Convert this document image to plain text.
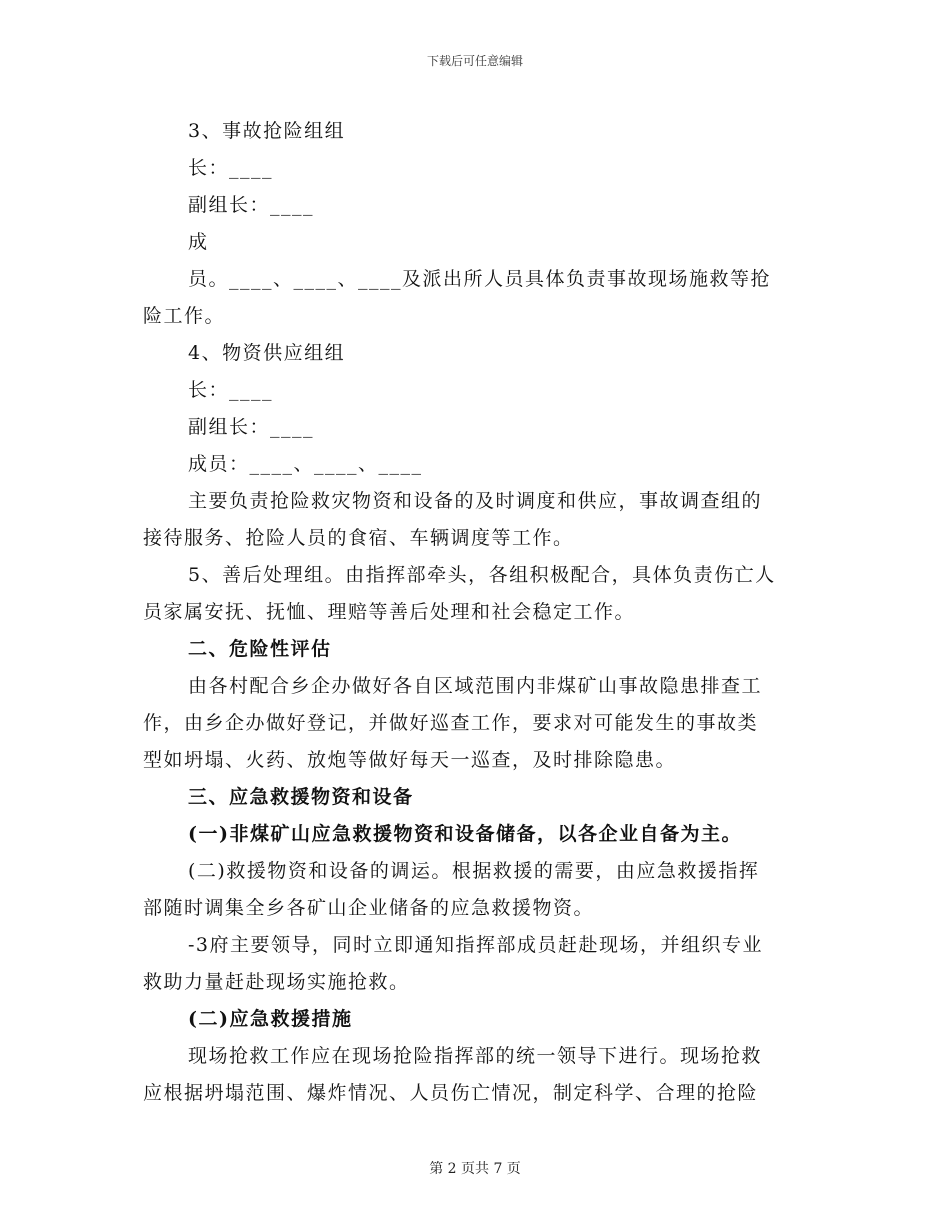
下载后可任意编辑
3、事故抢险组组
长：____
副组长：____
成
员。____、____、____及派出所人员具体负责事故现场施救等抢
险工作。
4、物资供应组组
长：____
副组长：____
成员：____、____、____
主要负责抢险救灾物资和设备的及时调度和供应，事故调查组的
接待服务、抢险人员的食宿、车辆调度等工作。
5、善后处理组。由指挥部牵头，各组积极配合，具体负责伤亡人
员家属安抚、抚恤、理赔等善后处理和社会稳定工作。
二、危险性评估
由各村配合乡企办做好各自区域范围内非煤矿山事故隐患排查工
作，由乡企办做好登记，并做好巡查工作，要求对可能发生的事故类
型如坍塌、火药、放炮等做好每天一巡查，及时排除隐患。
三、应急救援物资和设备
(一)非煤矿山应急救援物资和设备储备，以各企业自备为主。
(二)救援物资和设备的调运。根据救援的需要，由应急救援指挥
部随时调集全乡各矿山企业储备的应急救援物资。
-3府主要领导，同时立即通知指挥部成员赶赴现场，并组织专业
救助力量赶赴现场实施抢救。
(二)应急救援措施
现场抢救工作应在现场抢险指挥部的统一领导下进行。现场抢救
应根据坍塌范围、爆炸情况、人员伤亡情况，制定科学、合理的抢险
第 2 页共 7 页
